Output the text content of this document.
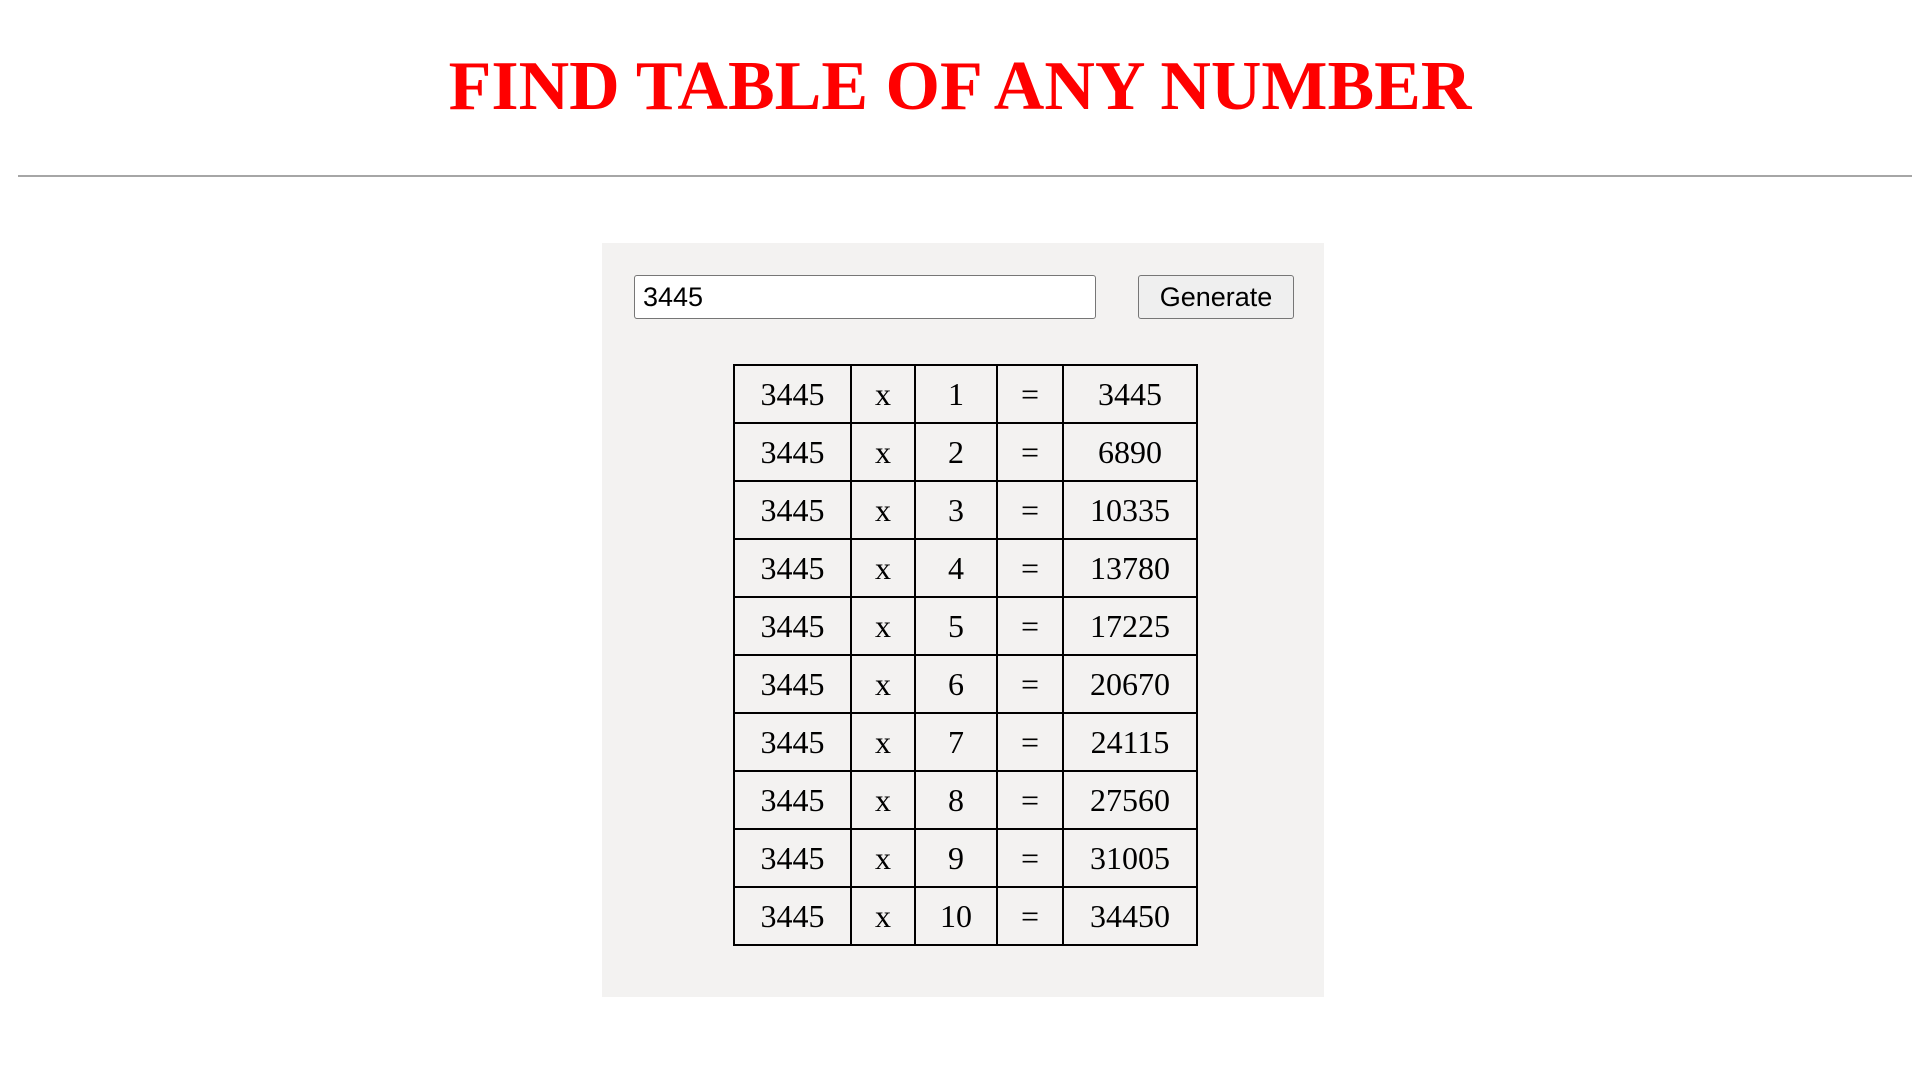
FIND TABLE OF ANY NUMBER
3445
Generate
3445	x	1	=	3445
3445	x	2	=	6890
3445	x	3	=	10335
3445	x	4	=	13780
3445	x	5	=	17225
3445	x	6	=	20670
3445	x	7	=	24115
3445	x	8	=	27560
3445	x	9	=	31005
3445	x	10	=	34450
